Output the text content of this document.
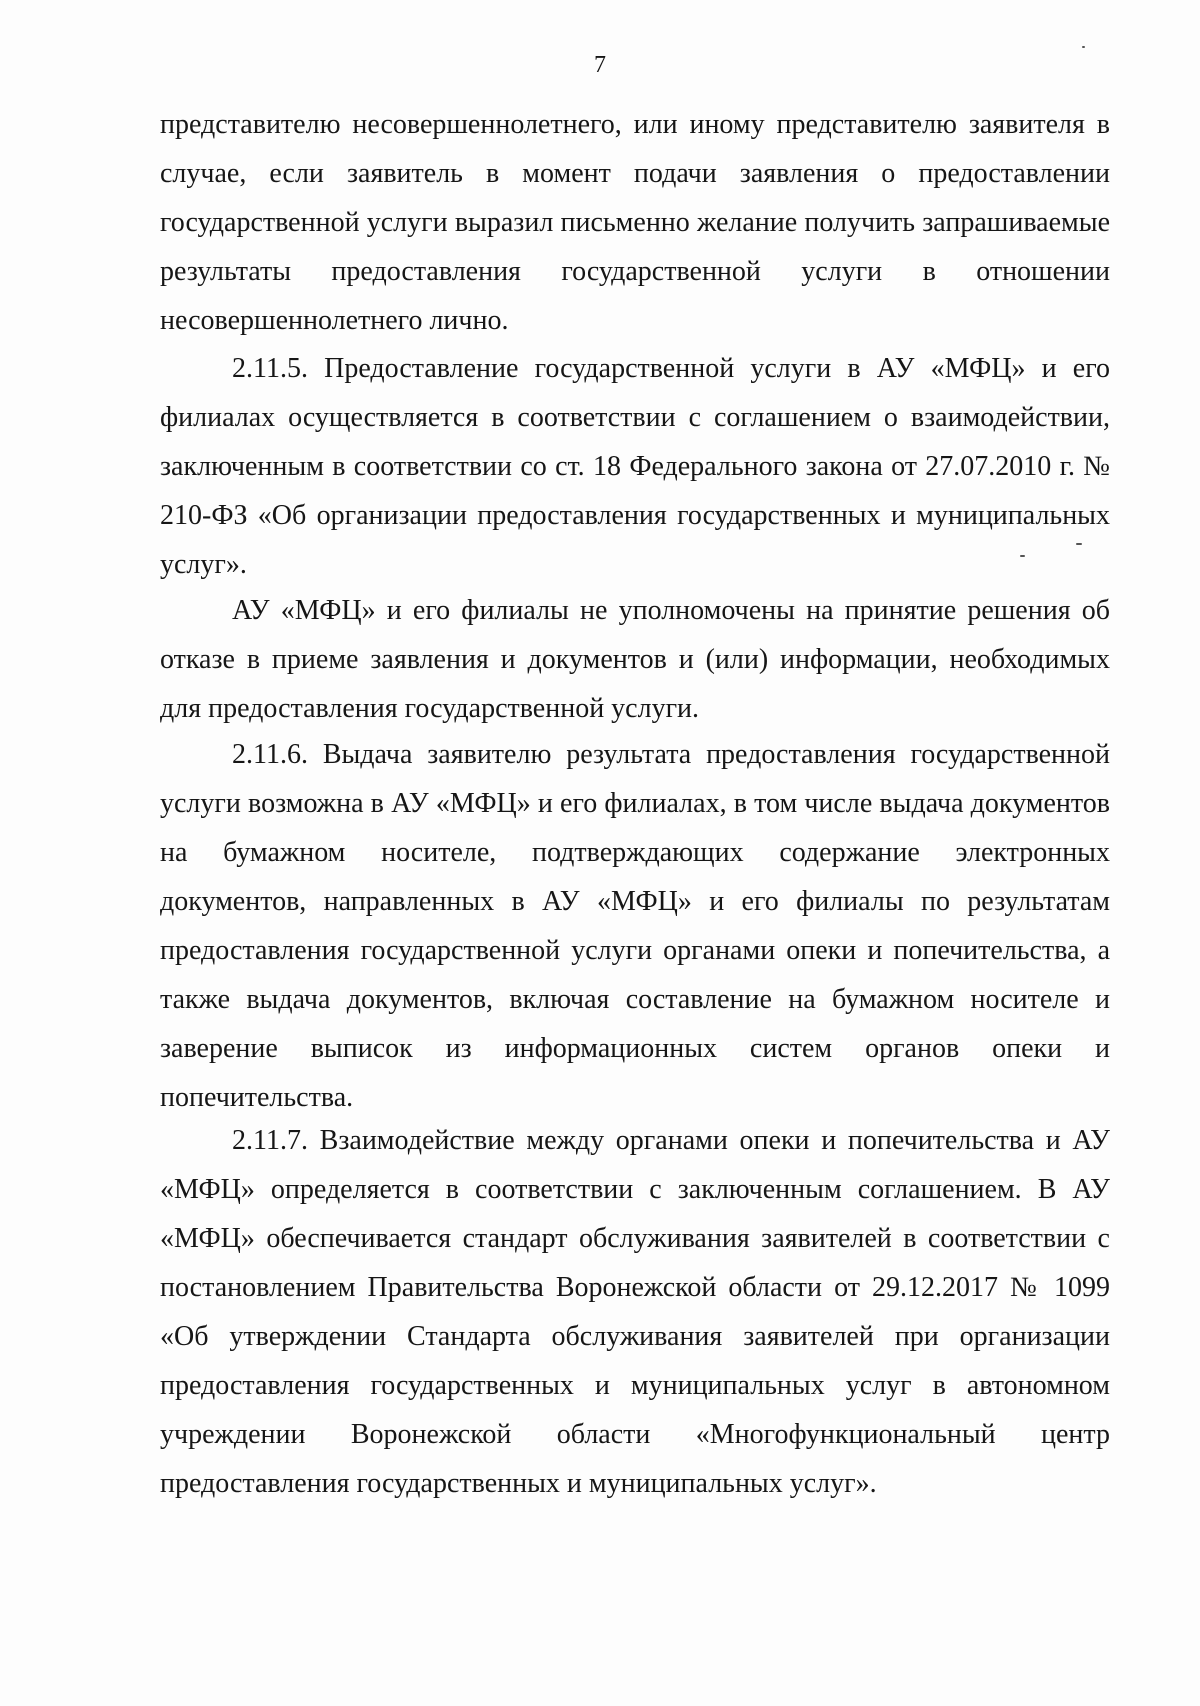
7

представителю несовершеннолетнего, или иному представителю заявителя в случае, если заявитель в момент подачи заявления о предоставлении государственной услуги выразил письменно желание получить запрашиваемые результаты предоставления государственной услуги в отношении несовершеннолетнего лично.

2.11.5. Предоставление государственной услуги в АУ «МФЦ» и его филиалах осуществляется в соответствии с соглашением о взаимодействии, заключенным в соответствии со ст. 18 Федерального закона от 27.07.2010 г. № 210-ФЗ «Об организации предоставления государственных и муниципальных услуг».

АУ «МФЦ» и его филиалы не уполномочены на принятие решения об отказе в приеме заявления и документов и (или) информации, необходимых для предоставления государственной услуги.

2.11.6. Выдача заявителю результата предоставления государственной услуги возможна в АУ «МФЦ» и его филиалах, в том числе выдача документов на бумажном носителе, подтверждающих содержание электронных документов, направленных в АУ «МФЦ» и его филиалы по результатам предоставления государственной услуги органами опеки и попечительства, а также выдача документов, включая составление на бумажном носителе и заверение выписок из информационных систем органов опеки и попечительства.

2.11.7. Взаимодействие между органами опеки и попечительства и АУ «МФЦ» определяется в соответствии с заключенным соглашением. В АУ «МФЦ» обеспечивается стандарт обслуживания заявителей в соответствии с постановлением Правительства Воронежской области от 29.12.2017 № 1099 «Об утверждении Стандарта обслуживания заявителей при организации предоставления государственных и муниципальных услуг в автономном учреждении Воронежской области «Многофункциональный центр предоставления государственных и муниципальных услуг».
